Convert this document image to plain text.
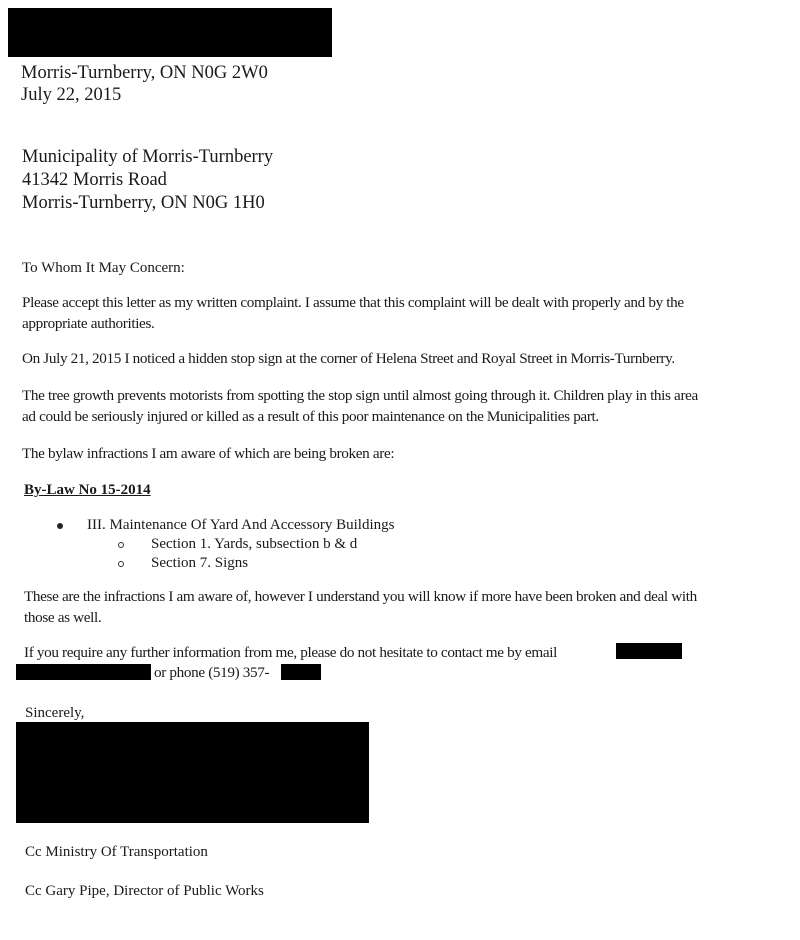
Morris-Turnberry, ON N0G 2W0
July 22, 2015
Municipality of Morris-Turnberry
41342 Morris Road
Morris-Turnberry, ON N0G 1H0
To Whom It May Concern:
Please accept this letter as my written complaint. I assume that this complaint will be dealt with properly and by the
appropriate authorities.
On July 21, 2015 I noticed a hidden stop sign at the corner of Helena Street and Royal Street in Morris-Turnberry.
The tree growth prevents motorists from spotting the stop sign until almost going through it. Children play in this area
ad could be seriously injured or killed as a result of this poor maintenance on the Municipalities part.
The bylaw infractions I am aware of which are being broken are:
By-Law No 15-2014
III. Maintenance Of Yard And Accessory Buildings
Section 1. Yards, subsection b & d
Section 7. Signs
These are the infractions I am aware of, however I understand you will know if more have been broken and deal with
those as well.
If you require any further information from me, please do not hesitate to contact me by email
or phone (519) 357-
Sincerely,
Cc Ministry Of Transportation
Cc Gary Pipe, Director of Public Works
